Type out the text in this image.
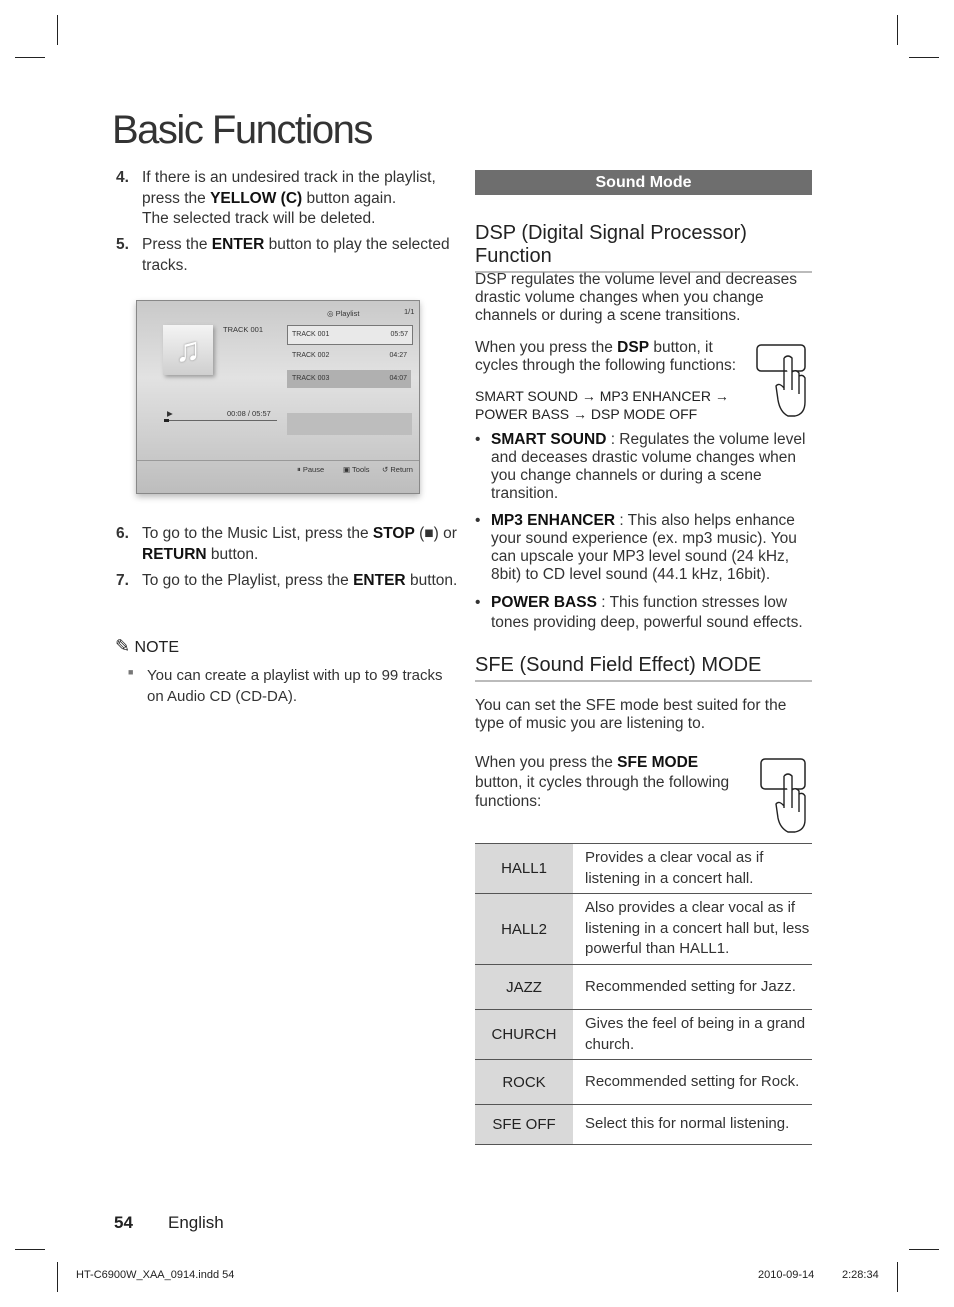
Basic Functions
4. If there is an undesired track in the playlist, press the YELLOW (C) button again.
The selected track will be deleted.
5. Press the ENTER button to play the selected tracks.
♫
TRACK 001
◎ Playlist	1/1
TRACK 001	05:57
TRACK 002	04:27
TRACK 003	04:07
▶	00:08 / 05:57
⏸ Pause	▣ Tools ↺ Return
6. To go to the Music List, press the STOP (■) or RETURN button.
7. To go to the Playlist, press the ENTER button.
✎ NOTE
■ You can create a playlist with up to 99 tracks on Audio CD (CD-DA).
Sound Mode
DSP (Digital Signal Processor) Function
DSP regulates the volume level and decreases drastic volume changes when you change channels or during a scene transitions.
When you press the DSP button, it cycles through the following functions:
SMART SOUND → MP3 ENHANCER →
POWER BASS → DSP MODE OFF
• SMART SOUND : Regulates the volume level and deceases drastic volume changes when you change channels or during a scene transition.
• MP3 ENHANCER : This also helps enhance your sound experience (ex. mp3 music). You can upscale your MP3 level sound (24 kHz, 8bit) to CD level sound (44.1 kHz, 16bit).
• POWER BASS : This function stresses low tones providing deep, powerful sound effects.
SFE (Sound Field Effect) MODE
You can set the SFE mode best suited for the type of music you are listening to.
When you press the SFE MODE button, it cycles through the following functions:
HALL1	Provides a clear vocal as if listening in a concert hall.
HALL2	Also provides a clear vocal as if listening in a concert hall but, less powerful than HALL1.
JAZZ	Recommended setting for Jazz.
CHURCH	Gives the feel of being in a grand church.
ROCK	Recommended setting for Rock.
SFE OFF	Select this for normal listening.
54 English
HT-C6900W_XAA_0914.indd 54	2010-09-14	2:28:34
